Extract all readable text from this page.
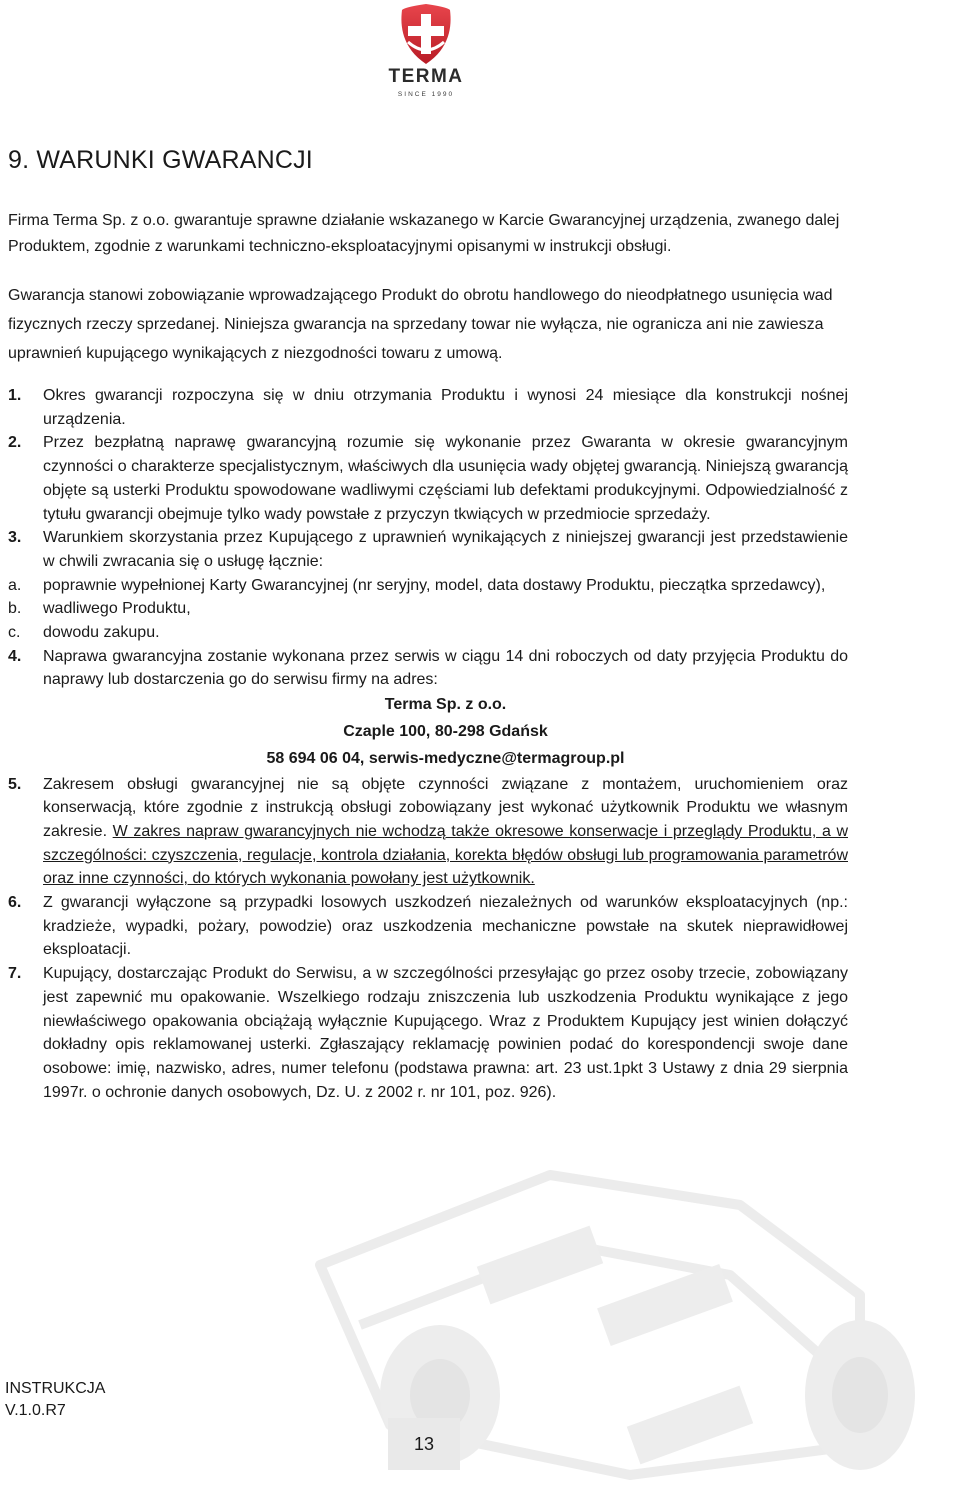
TERMA
SINCE 1990
9. WARUNKI GWARANCJI

Firma Terma Sp. z o.o. gwarantuje sprawne działanie wskazanego w Karcie Gwarancyjnej urządzenia, zwanego dalej Produktem, zgodnie z warunkami techniczno-eksploatacyjnymi opisanymi w instrukcji obsługi.

Gwarancja stanowi zobowiązanie wprowadzającego Produkt do obrotu handlowego do nieodpłatnego usunięcia wad fizycznych rzeczy sprzedanej. Niniejsza gwarancja na sprzedany towar nie wyłącza, nie ogranicza ani nie zawiesza uprawnień kupującego wynikających z niezgodności towaru z umową.

1. Okres gwarancji rozpoczyna się w dniu otrzymania Produktu i wynosi 24 miesiące dla konstrukcji nośnej urządzenia.
2. Przez bezpłatną naprawę gwarancyjną rozumie się wykonanie przez Gwaranta w okresie gwarancyjnym czynności o charakterze specjalistycznym, właściwych dla usunięcia wady objętej gwarancją. Niniejszą gwarancją objęte są usterki Produktu spowodowane wadliwymi częściami lub defektami produkcyjnymi. Odpowiedzialność z tytułu gwarancji obejmuje tylko wady powstałe z przyczyn tkwiących w przedmiocie sprzedaży.
3. Warunkiem skorzystania przez Kupującego z uprawnień wynikających z niniejszej gwarancji jest przedstawienie w chwili zwracania się o usługę łącznie:
a. poprawnie wypełnionej Karty Gwarancyjnej (nr seryjny, model, data dostawy Produktu, pieczątka sprzedawcy),
b. wadliwego Produktu,
c. dowodu zakupu.
4. Naprawa gwarancyjna zostanie wykonana przez serwis w ciągu 14 dni roboczych od daty przyjęcia Produktu do naprawy lub dostarczenia go do serwisu firmy na adres:
Terma Sp. z o.o.
Czaple 100, 80-298 Gdańsk
58 694 06 04, serwis-medyczne@termagroup.pl
5. Zakresem obsługi gwarancyjnej nie są objęte czynności związane z montażem, uruchomieniem oraz konserwacją, które zgodnie z instrukcją obsługi zobowiązany jest wykonać użytkownik Produktu we własnym zakresie. W zakres napraw gwarancyjnych nie wchodzą także okresowe konserwacje i przeglądy Produktu, a w szczególności: czyszczenia, regulacje, kontrola działania, korekta błędów obsługi lub programowania parametrów oraz inne czynności, do których wykonania powołany jest użytkownik.
6. Z gwarancji wyłączone są przypadki losowych uszkodzeń niezależnych od warunków eksploatacyjnych (np.: kradzieże, wypadki, pożary, powodzie) oraz uszkodzenia mechaniczne powstałe na skutek nieprawidłowej eksploatacji.
7. Kupujący, dostarczając Produkt do Serwisu, a w szczególności przesyłając go przez osoby trzecie, zobowiązany jest zapewnić mu opakowanie. Wszelkiego rodzaju zniszczenia lub uszkodzenia Produktu wynikające z jego niewłaściwego opakowania obciążają wyłącznie Kupującego. Wraz z Produktem Kupujący jest winien dołączyć dokładny opis reklamowanej usterki. Zgłaszający reklamację powinien podać do korespondencji swoje dane osobowe: imię, nazwisko, adres, numer telefonu (podstawa prawna: art. 23 ust.1pkt 3 Ustawy z dnia 29 sierpnia 1997r. o ochronie danych osobowych, Dz. U. z 2002 r. nr 101, poz. 926).
INSTRUKCJA
V.1.0.R7
13
